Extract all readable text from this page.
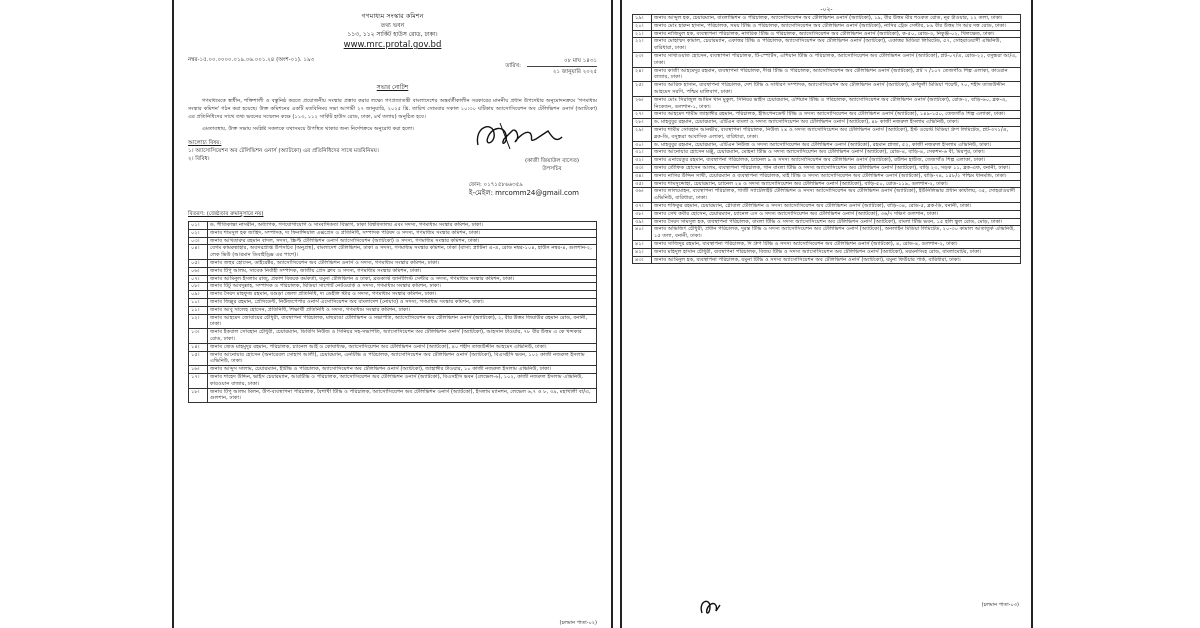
গণমাধ্যম সংস্কার কমিশন
তথ্য ভবন
১১৩, ১১২ সার্কিট হাউস রোড, ঢাকা।
www.mrc.protal.gov.bd
নম্বর-১৫.০০.০০০০.০১৯.০৬.০০১.২৪ (অংশ-০১). ১৯৩
তারিখ:
০৮ মাঘ ১৪৩১
২১ জানুয়ারি ২০২৫
সভার নোটিশ
গণমাধ্যমকে স্বাধীন, শক্তিশালী ও বস্তুনিষ্ঠ করতে প্রয়োজনীয় সংস্কার প্রস্তাব করার লক্ষ্যে গণপ্রজাতন্ত্রী বাংলাদেশের অন্তর্বর্তীকালীন সরকারের মাননীয় প্রধান উপদেষ্টার অনুমোদনক্রমে 'গণমাধ্যম সংস্কার কমিশন' গঠন করা হয়েছে। উক্ত কমিশনের একটি মতবিনিময় সভা আগামী ২৭ জানুয়ারি, ২০২৫ খ্রি. তারিখ সোমবার সকাল ১০:৩০ ঘটিকায় অ্যাসোসিয়েশন অব টেলিভিশন ওনার্স (অ্যাটকো) এর প্রতিনিধিদের সাথে তথ্য ভবনের সম্মেলন কক্ষে (১১৩, ১১২ সার্কিট হাউস রোড, ঢাকা, ৪র্থ তলায়) অনুষ্ঠিত হবে।
এমতাবস্থায়, উক্ত সভায় সংশ্লিষ্ট সকলকে যথাসময়ে উপস্থিত থাকার জন্য নির্দেশক্রমে অনুরোধ করা হলো।
আলোচ্য বিষয়:
১। অ্যাসোসিয়েশন অব টেলিভিশন ওনার্স (অ্যাটকো) এর প্রতিনিধিদের সাথে মতবিনিময়।
২। বিবিধ।	(কাজী জিয়াউল বাসেত)
উপসচিব
ফোন: ০১৭১৫৮৬৬৩৫৯
ই-মেইল: mrcomm24@gmail.com
বিতরণ: (জেষ্ঠতার ক্রমানুসারে নয়)
০১।	ড. শীতিকান্তা নাসরীন, অধ্যাপক, গণযোগাযোগ ও সাংবাদিকতা বিভাগ, ঢাকা বিশ্ববিদ্যালয় এবং সদস্য, গণমাধ্যম সংস্কার কমিশন, ঢাকা।
০২।	জনাব শামসুল হক জাহিদ, সম্পাদক, দ্য ফিনান্সিয়াল এক্সপ্রেস ও প্রতিনিধি, সম্পাদক পরিষদ ও সদস্য, গণমাধ্যম সংস্কার কমিশন, ঢাকা।
০৩।	জনাব আখতারুর রহমান বাদল, সদস্য, স্ক্রিপ্ট টেলিভিশন ওনার্স অ্যাসোসিয়েশন (অ্যাটকো) ও সদস্য, গণমাধ্যম সংস্কার কমিশন, ঢাকা।
০৪।	বেগম কামরুন্নাহার, অবসরপ্রাপ্ত উপসচিব (অনুপ্রস্থ), বাংলাদেশ টেলিভিশন, ঢাকা ও সদস্য, গণমাধ্যম সংস্কার কমিশন, ঢাকা (বাসা: প্লাটিনা এ-এ, রোড নম্বর-১০৪, হাউস নম্বর-৪, গুলশান-২, লেক ভিউ (আরমান ডিবাইড্রিক্স এর পাশে)।
০৫।	জনাব জহুর হোসেন, ডাইরেক্টর, অ্যাসোসিয়েশন অব টেলিভিশন ওনার্স ও সদস্য, গণমাধ্যম সংস্কার কমিশন, ঢাকা।
০৬।	জনাব টিপু আলম, সাবেক নির্বাহী সম্পাদক, জাতীয় প্রেস ক্লাব ও সদস্য, গণমাধ্যম সংস্কার কমিশন, ঢাকা।
০৭।	জনাব আমিনুল ইসলাম রাজু, প্রকাশ বিষয়ক কর্মকর্তা, যমুনা টেলিভিশন ও ঢাকা, ব্রডকাস্ট জার্নালিস্ট সেন্টার ও সদস্য, গণমাধ্যম সংস্কার কমিশন, ঢাকা।
০৮।	জনাব টিটু আবদুল্লাহ, সম্পাদক ও পরিচালক, মিডিয়া সাপোর্ট নেটওয়ার্ক ও সদস্য, গণমাধ্যম সংস্কার কমিশন, ঢাকা।
০৯।	জনাব সৈয়দ মাহফুজ রহমান, বগুড়া জেলা প্রতিনিধি, দ্য ডেইলি স্টার ও সদস্য, গণমাধ্যম সংস্কার কমিশন, ঢাকা।
১০।	জনাব জিল্লুর রহমান, প্রেসিডেন্ট, নিউজপেপার ওনার্স এসোসিয়েশন অব বাংলাদেশ (নোয়াব) ও সদস্য, গণমাধ্যম সংস্কার কমিশন, ঢাকা।
১১।	জনাব আবু সালেহ হোসেন, প্রতিনিধি, শিক্ষার্থী প্রতিনিধি ও সদস্য, গণমাধ্যম সংস্কার কমিশন, ঢাকা।
১২।	জনাব আহমেদ জোবায়ের চৌধুরী, ব্যবস্থাপনা পরিচালক, মাছরাঙা টেলিভিশন ও সভাপতি, অ্যাসোসিয়েশন অব টেলিভিশন ওনার্স (অ্যাটকো), ২, বীর উত্তম জিয়াউর রহমান রোড, বনানী, ঢাকা।
১৩।	জনাব ইকবাল সোবহান চৌধুরী, চেয়ারম্যান, ডিবিসি নিউজ ও সিনিয়র সহ-সভাপতি, অ্যাসোসিয়েশন অব টেলিভিশন ওনার্স (অ্যাটকো), আহসান টাওয়ার, ৭৮ বীর উত্তম এ কে খন্দকার রোড, ঢাকা।
১৪।	জনাব জেড মাহমুদুর রহমান, পরিচালক, চ্যানেল আই ও কোষাধ্যক্ষ, অ্যাসোসিয়েশন অব টেলিভিশন ওনার্স (অ্যাটকো), ৪০ শহীদ তাজউদ্দীন আহমেদ এভিনিউ, ঢাকা।
১৫।	জনাব আনোয়ার হোসেন (অনারেবল সোহাগ আলী), চেয়ারম্যান, এনটিভি ও পরিচালক, অ্যাসোসিয়েশন অব টেলিভিশন ওনার্স (অ্যাটকো), বিএসইসি ভবন, ১০২ কাজী নজরুল ইসলাম এভিনিউ, ঢাকা।
১৬।	জনাব আব্দুস সালাম, চেয়ারম্যান, ইটিভি ও পরিচালক, অ্যাসোসিয়েশন অব টেলিভিশন ওনার্স (অ্যাটকো), জাহাঙ্গীর টাওয়ার, ১০ কাজী নজরুল ইসলাম এভিনিউ, ঢাকা।
১৭।	জনাব শাহেদ উদ্দিন, ভাইস চেয়ারম্যান, আরটিভি ও পরিচালক, অ্যাসোসিয়েশন অব টেলিভিশন ওনার্স (অ্যাটকো), বিএসইসি ভবন (লেভেল-৬), ১০২, কাজী নজরুল ইসলাম এভিনিউ, কারওয়ান বাজার, ঢাকা।
১৮।	জনাব টিপু আলম মিলন, উপ-ব্যবস্থাপনা পরিচালক, বৈশাখী টিভি ও পরিচালক, অ্যাসোসিয়েশন অব টেলিভিশন ওনার্স (অ্যাটকো), ইসলাম ম্যানশন, লেভেল ৬,৭ ও ৮, ৩৯, মহাখালী বা/এ, গুলশান, ঢাকা।
(চলমান পাতা-০২)
-০২-
১৯।	জনাব আব্দুল হক, চেয়ারম্যান, বাংলাভিশন ও পরিচালক, অ্যাসোসিয়েশন অব টেলিভিশন ওনার্স (অ্যাটকো), ১৯, বীর উত্তম মীর শওকত রোড, নূর টাওয়ার, ১২ তলা, ঢাকা।
২০।	জনাব মোঃ হারুন হাসান, পরিচালক, সময় টিভি ও পরিচালক, অ্যাসোসিয়েশন অব টেলিভিশন ওনার্স (অ্যাটকো), নাসির ট্রেড সেন্টার, ৮৯ বীর উত্তম সি আর দত্ত রোড, ঢাকা।
২১।	জনাব নাজিমুল হক, ব্যবস্থাপনা পরিচালক, নাগরিক টিভি ও পরিচালক, অ্যাসোসিয়েশন অব টেলিভিশন ওনার্স (অ্যাটকো), ক-৫০, রোড-৩, নিকুঞ্জ-০২, খিলক্ষেত, ঢাকা।
২২।	জনাব মোহাম্মদ কামাল, চেয়ারম্যান, একাত্তর টিভি ও পরিচালক, অ্যাসোসিয়েশন অব টেলিভিশন ওনার্স (অ্যাটকো), একাত্তর মিডিয়া লিমিটেড, ৫৭, সোহরাওয়ার্দী এভিনিউ, বারিধারা, ঢাকা।
২৩।	জনাব সাখাওয়াত হোসেন, ব্যবস্থাপনা পরিচালক, টি-স্পোর্টস, এশিয়ান টিভি ও পরিচালক, অ্যাসোসিয়েশন অব টেলিভিশন ওনার্স (অ্যাটকো), প্লট-০৭/এ, রোড-২২, বসুন্ধরা আ/এ, ঢাকা।
২৪।	জনাব কাজী আহমেদুর রহমান, ব্যবস্থাপনা পরিচালক, দীপ্ত টিভি ও পরিচালক, অ্যাসোসিয়েশন অব টেলিভিশন ওনার্স (অ্যাটকো), প্লট ৭ /১০৭ তেজগাঁও শিল্প এলাকা, কাওরান বাজার, ঢাকা।
২৫।	জনাব আরিফ হাসান, ব্যবস্থাপনা পরিচালক, দেশ টিভি ও সাধারণ সম্পাদক, অ্যাসোসিয়েশন অব টেলিভিশন ওনার্স (অ্যাটকো), কর্ণফুলী মিডিয়া পয়েন্ট, ৭০, শহীদ তাজউদ্দীন আহমেদ সরণি, পশ্চিম মালিবাগ, ঢাকা।
২৬।	জনাব মোঃ সিরাজুল আমিন খান মুকুল, সিনিয়র ভাইস চেয়ারম্যান, এশিয়ান টিভি ও পরিচালক, অ্যাসোসিয়েশন অব টেলিভিশন ওনার্স (অ্যাটকো), রোড-২, বাড়ি-৬০, ব্লক-এ, নিকেতন, গুলশান-১, ঢাকা।
২৭।	জনাব আহমেদ শামীম জাহাঙ্গীর রহমান, পরিচালক, ইন্ডিপেনডেন্ট টিভি ও সদস্য অ্যাসোসিয়েশন অব টেলিভিশন ওনার্স (অ্যাটকো), ১৪৯-১৫০, তেজগাঁও শিল্প এলাকা, ঢাকা।
২৮।	ড. মাহবুবুর রহমান, চেয়ারম্যান, এটিএন বাংলা ও সদস্য অ্যাসোসিয়েশন অব টেলিভিশন ওনার্স (অ্যাটকো), ৪৮ কাজী নজরুল ইসলাম এভিনিউ, ঢাকা।
২৯।	জনাব শামীম সোবহান আনভীর, ব্যবস্থাপনা পরিচালক, নিউজ ২৪ ও সদস্য অ্যাসোসিয়েশন অব টেলিভিশন ওনার্স (অ্যাটকো), ইস্ট ওয়েস্ট মিডিয়া গ্রুপ লিমিটেড, প্লট-৩৭১/এ, ব্লক-ডি, বসুন্ধরা আবাসিক এলাকা, বারিধারা, ঢাকা।
৩০।	ড. মাহবুবুর রহমান, চেয়ারম্যান, এটিএন নিউজ ও সদস্য অ্যাসোসিয়েশন অব টেলিভিশন ওনার্স (অ্যাটকো), রহমান প্লাজা, ৫২, কাজী নজরুল ইসলাম এভিনিউ, ঢাকা।
৩১।	জনাব আনোয়ার হোসেন মঞ্জু, চেয়ারম্যান, মোহনা টিভি ও সদস্য অ্যাসোসিয়েশন অব টেলিভিশন ওনার্স (অ্যাটকো), রোড-৪, বাড়ি-৪, সেকশন-৬ বী, মিরপুর, ঢাকা।
৩২।	জনাব এনায়েতুর রহমান, ব্যবস্থাপনা পরিচালক, চ্যানেল ৯ ও সদস্য অ্যাসোসিয়েশন অব টেলিভিশন ওনার্স (অ্যাটকো), রউশন হাউজ, তেজগাঁও শিল্প এলাকা, ঢাকা।
৩৩।	জনাব তৌফিক হোসেন আলম, ব্যবস্থাপনা পরিচালক, গান বাংলা টিভি ও সদস্য অ্যাসোসিয়েশন অব টেলিভিশন ওনার্স (অ্যাটকো), বাড়ি ২৩, সড়ক ১১, ব্লক-এফ, বনানী, ঢাকা।
৩৪।	জনাব নাসির উদ্দিন সাথী, চেয়ারম্যান ও ব্যবস্থাপনা পরিচালক, মাই টিভি ও সদস্য অ্যাসোসিয়েশন অব টেলিভিশন ওনার্স (অ্যাটকো), বাড়ি-৭৪, ১৫৮/২ পশ্চিম ধানমন্ডি, ঢাকা।
৩৫।	জনাব শামসুদ্দোহা, চেয়ারম্যান, চ্যানেল ২৪ ও সদস্য অ্যাসোসিয়েশন অব টেলিভিশন ওনার্স (অ্যাটকো), বাড়ি-৫০, রোড-১১৯, গুলশান-২, ঢাকা।
৩৬।	জনাব লালমোহন, ব্যবস্থাপনা পরিচালক, গাজী স্যাটেলাইট টেলিভিশন ও সদস্য অ্যাসোসিয়েশন অব টেলিভিশন ওনার্স (অ্যাটকো), ইউনিলিভার প্রধান কার্যালয়, ৩৫, সোহরাওয়ার্দী এভিনিউ, বারিধারা, ঢাকা।
৩৭।	জনাব শফিকুর রহমান, চেয়ারম্যান, গ্লোবাল টেলিভিশন ও সদস্য অ্যাসোসিয়েশন অব টেলিভিশন ওনার্স (অ্যাটকো), বাড়ি-৩৪, রোড-৫, ব্লক-ডি, বনানী, ঢাকা।
৩৮।	জনাব সেখ কবীর হোসেন, চেয়ারম্যান, চ্যানেল এস ও সদস্য অ্যাসোসিয়েশন অব টেলিভিশন ওনার্স (অ্যাটকো), ৩৬/৭ দক্ষিণ গুলশান, ঢাকা।
৩৯।	জনাব সৈয়দ সামসুল হক, ব্যবস্থাপনা পরিচালক, বাংলা টিভি ও সদস্য অ্যাসোসিয়েশন অব টেলিভিশন ওনার্স (অ্যাটকো), বাংলা টিভি ভবন, ১৫ হলি স্কুল রোড, মোড়, ঢাকা।
৪০।	জনাব অভিজিৎ চৌধুরী, প্রধান পরিচালক, দুরন্ত টিভি ও সদস্য অ্যাসোসিয়েশন অব টেলিভিশন ওনার্স (অ্যাটকো), অনলাইন মিডিয়া লিমিটেড, ২০-৩০ কামাল আতাতুর্ক এভিনিউ, ১৫ তলা, বনানী, ঢাকা।
৪১।	জনাব সাজিদুর রহমান, ব্যবস্থাপনা পরিচালক, দি গ্রুপ টিভি ও সদস্য অ্যাসোসিয়েশন অব টেলিভিশন ওনার্স (অ্যাটকো), ৪, রোড-৪, গুলশান-২, ঢাকা।
৪২।	জনাব মহিদুল হাসান চৌধুরী, ব্যবস্থাপনা পরিচালক, বিজয় টিভি ও সদস্য অ্যাসোসিয়েশন অব টেলিভিশন ওনার্স (অ্যাটকো), ময়মনসিংহ রোড, বাংলামোটর, ঢাকা।
৪৩।	জনাব আমিনুল হক, ব্যবস্থাপনা পরিচালক, যমুনা টিভি ও সদস্য অ্যাসোসিয়েশন অব টেলিভিশন ওনার্স (অ্যাটকো), যমুনা ফিউচার পার্ক, বারিধারা, ঢাকা।
(চলমান পাতা-০৩)
